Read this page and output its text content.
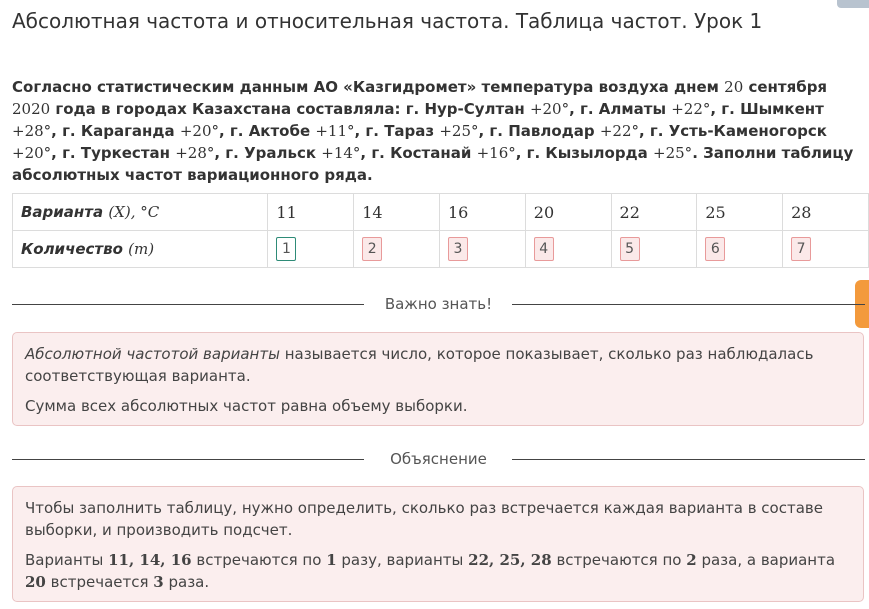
Абсолютная частота и относительная частота. Таблица частот. Урок 1
Согласно статистическим данным АО «Казгидромет» температура воздуха днем 20 сентября 2020 года в городах Казахстана составляла: г. Нур-Султан +20°, г. Алматы +22°, г. Шымкент +28°, г. Караганда +20°, г. Актобе +11°, г. Тараз +25°, г. Павлодар +22°, г. Усть-Каменогорск +20°, г. Туркестан +28°, г. Уральск +14°, г. Костанай +16°, г. Кызылорда +25°. Заполни таблицу абсолютных частот вариационного ряда.
Варианта (X), °C	11	14	16	20	22	25	28
Количество (m)	1	2	3	4	5	6	7
Важно знать!

Абсолютной частотой варианты называется число, которое показывает, сколько раз наблюдалась соответствующая варианта.

Сумма всех абсолютных частот равна объему выборки.

Объяснение

Чтобы заполнить таблицу, нужно определить, сколько раз встречается каждая варианта в составе выборки, и производить подсчет.

Варианты 11, 14, 16 встречаются по 1 разу, варианты 22, 25, 28 встречаются по 2 раза, а варианта 20 встречается 3 раза.
